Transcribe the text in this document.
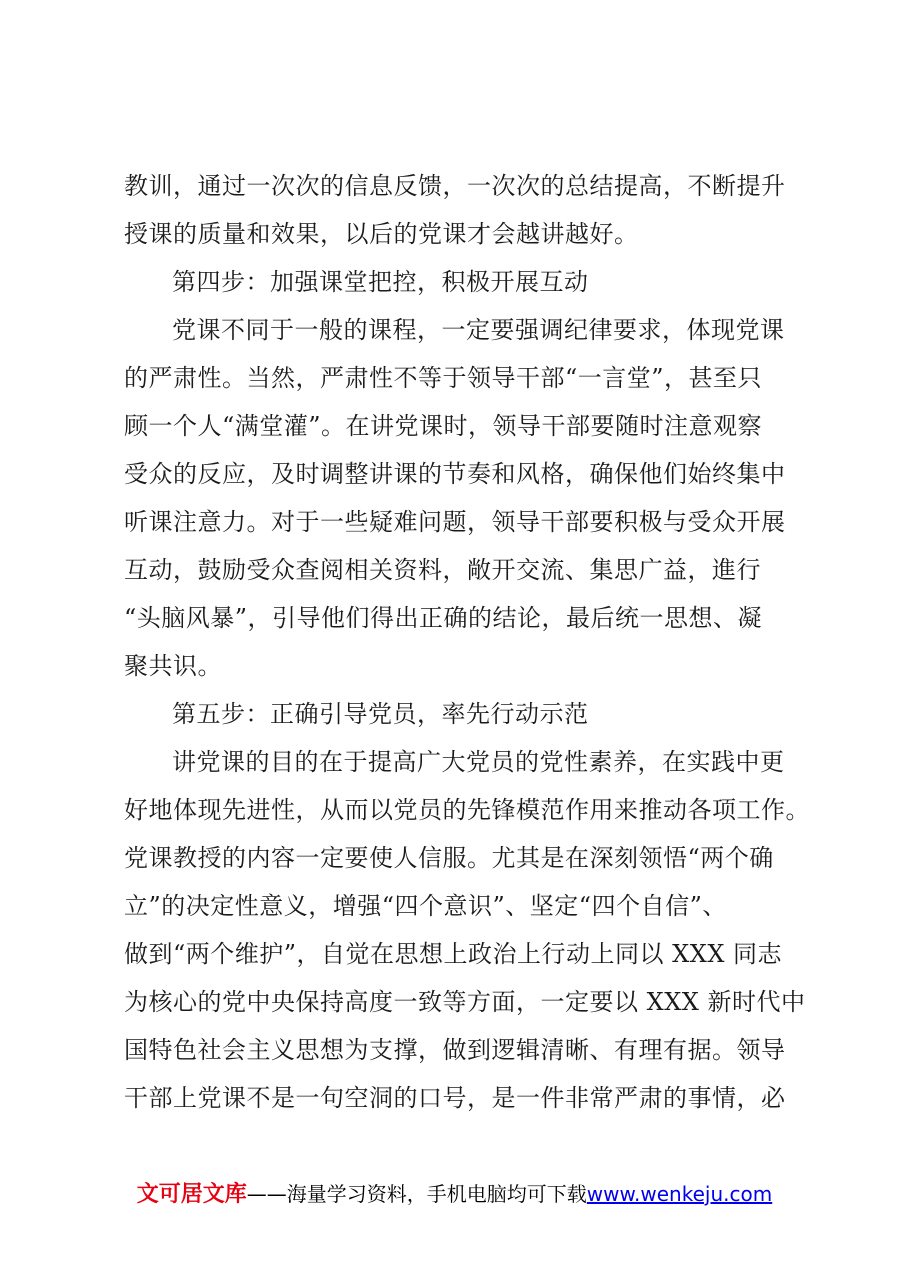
教训，通过一次次的信息反馈，一次次的总结提高，不断提升
授课的质量和效果，以后的党课才会越讲越好。
第四步：加强课堂把控，积极开展互动
党课不同于一般的课程，一定要强调纪律要求，体现党课
的严肃性。当然，严肃性不等于领导干部“一言堂”，甚至只
顾一个人“满堂灌”。在讲党课时，领导干部要随时注意观察
受众的反应，及时调整讲课的节奏和风格，确保他们始终集中
听课注意力。对于一些疑难问题，领导干部要积极与受众开展
互动，鼓励受众查阅相关资料，敞开交流、集思广益，進行
“头脑风暴”，引导他们得出正确的结论，最后统一思想、凝
聚共识。
第五步：正确引导党员，率先行动示范
讲党课的目的在于提高广大党员的党性素养，在实践中更
好地体现先进性，从而以党员的先锋模范作用来推动各项工作。
党课教授的内容一定要使人信服。尤其是在深刻领悟“两个确
立”的决定性意义，增强“四个意识”、坚定“四个自信”、
做到“两个维护”，自觉在思想上政治上行动上同以 XXX 同志
为核心的党中央保持高度一致等方面，一定要以 XXX 新时代中
国特色社会主义思想为支撑，做到逻辑清晰、有理有据。领导
干部上党课不是一句空洞的口号，是一件非常严肃的事情，必
文可居文库——海量学习资料，手机电脑均可下载www.wenkeju.com
